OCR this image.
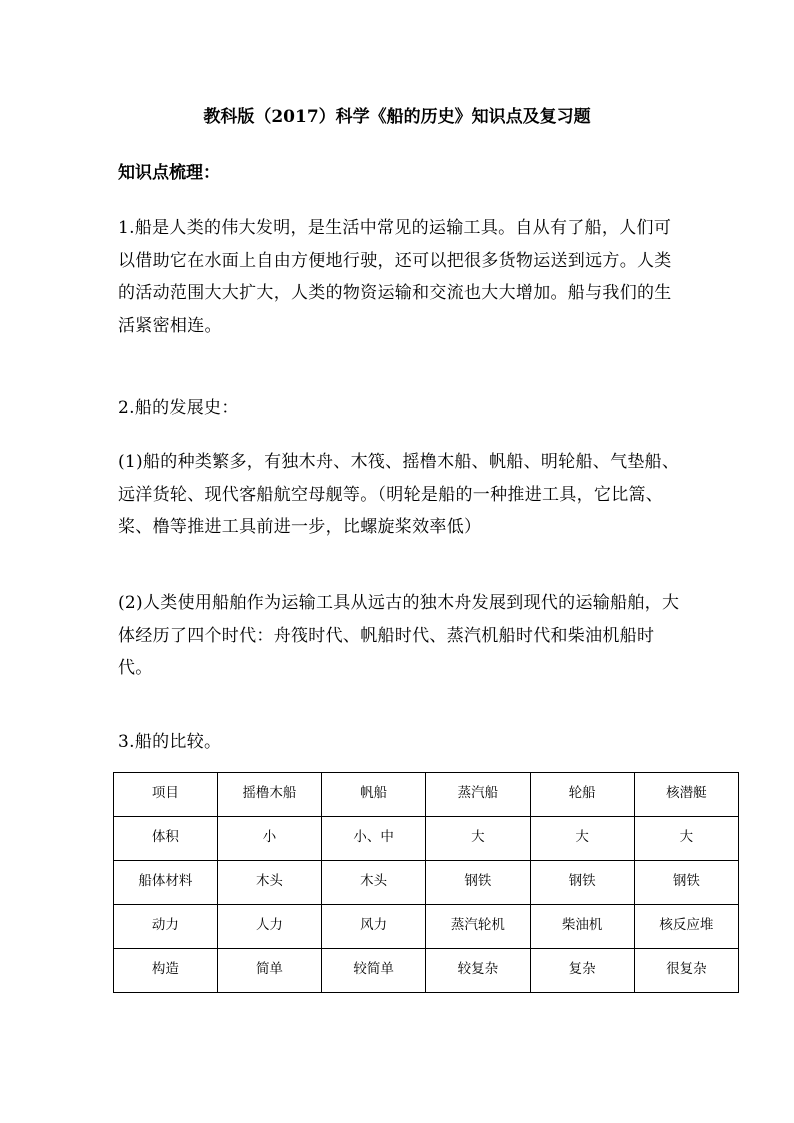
教科版（2017）科学《船的历史》知识点及复习题
知识点梳理：

1.船是人类的伟大发明，是生活中常见的运输工具。自从有了船，人们可以借助它在水面上自由方便地行驶，还可以把很多货物运送到远方。人类的活动范围大大扩大，人类的物资运输和交流也大大增加。船与我们的生活紧密相连。

2.船的发展史：

(1)船的种类繁多，有独木舟、木筏、摇橹木船、帆船、明轮船、气垫船、远洋货轮、现代客船航空母舰等。（明轮是船的一种推进工具，它比篙、桨、橹等推进工具前进一步，比螺旋桨效率低）

(2)人类使用船舶作为运输工具从远古的独木舟发展到现代的运输船舶，大体经历了四个时代：舟筏时代、帆船时代、蒸汽机船时代和柴油机船时代。

3.船的比较。

项目	摇橹木船	帆船	蒸汽船	轮船	核潜艇
体积	小	小、中	大	大	大
船体材料	木头	木头	钢铁	钢铁	钢铁
动力	人力	风力	蒸汽轮机	柴油机	核反应堆
构造	简单	较简单	较复杂	复杂	很复杂
